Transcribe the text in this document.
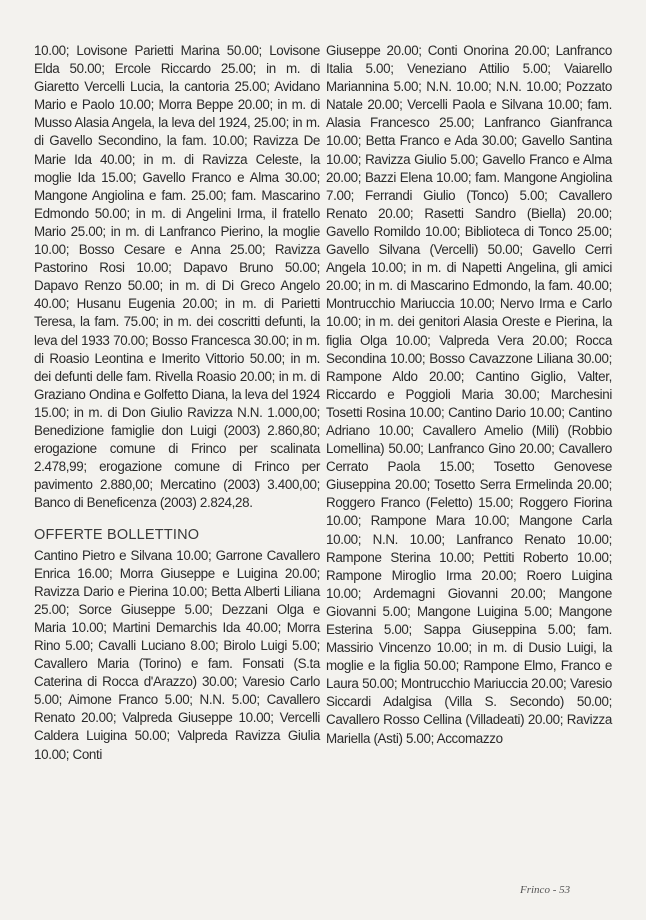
10.00; Lovisone Parietti Marina 50.00; Lovisone Elda 50.00; Ercole Riccardo 25.00; in m. di Giaretto Vercelli Lucia, la cantoria 25.00; Avidano Mario e Paolo 10.00; Morra Beppe 20.00; in m. di Musso Alasia Angela, la leva del 1924, 25.00; in m. di Gavello Secondino, la fam. 10.00; Ravizza De Marie Ida 40.00; in m. di Ravizza Celeste, la moglie Ida 15.00; Gavello Franco e Alma 30.00; Mangone Angiolina e fam. 25.00; fam. Mascarino Edmondo 50.00; in m. di Angelini Irma, il fratello Mario 25.00; in m. di Lanfranco Pierino, la moglie 10.00; Bosso Cesare e Anna 25.00; Ravizza Pastorino Rosi 10.00; Dapavo Bruno 50.00; Dapavo Renzo 50.00; in m. di Di Greco Angelo 40.00; Husanu Eugenia 20.00; in m. di Parietti Teresa, la fam. 75.00; in m. dei coscritti defunti, la leva del 1933 70.00; Bosso Francesca 30.00; in m. di Roasio Leontina e Imerito Vittorio 50.00; in m. dei defunti delle fam. Rivella Roasio 20.00; in m. di Graziano Ondina e Golfetto Diana, la leva del 1924 15.00; in m. di Don Giulio Ravizza N.N. 1.000,00; Benedizione famiglie don Luigi (2003) 2.860,80; erogazione comune di Frinco per scalinata 2.478,99; erogazione comune di Frinco per pavimento 2.880,00; Mercatino (2003) 3.400,00; Banco di Beneficenza (2003) 2.824,28.

OFFERTE BOLLETTINO

Cantino Pietro e Silvana 10.00; Garrone Cavallero Enrica 16.00; Morra Giuseppe e Luigina 20.00; Ravizza Dario e Pierina 10.00; Betta Alberti Liliana 25.00; Sorce Giuseppe 5.00; Dezzani Olga e Maria 10.00; Martini Demarchis Ida 40.00; Morra Rino 5.00; Cavalli Luciano 8.00; Birolo Luigi 5.00; Cavallero Maria (Torino) e fam. Fonsati (S.ta Caterina di Rocca d'Arazzo) 30.00; Varesio Carlo 5.00; Aimone Franco 5.00; N.N. 5.00; Cavallero Renato 20.00; Valpreda Giuseppe 10.00; Vercelli Caldera Luigina 50.00; Valpreda Ravizza Giulia 10.00; Conti

Giuseppe 20.00; Conti Onorina 20.00; Lanfranco Italia 5.00; Veneziano Attilio 5.00; Vaiarello Mariannina 5.00; N.N. 10.00; N.N. 10.00; Pozzato Natale 20.00; Vercelli Paola e Silvana 10.00; fam. Alasia Francesco 25.00; Lanfranco Gianfranca 10.00; Betta Franco e Ada 30.00; Gavello Santina 10.00; Ravizza Giulio 5.00; Gavello Franco e Alma 20.00; Bazzi Elena 10.00; fam. Mangone Angiolina 7.00; Ferrandi Giulio (Tonco) 5.00; Cavallero Renato 20.00; Rasetti Sandro (Biella) 20.00; Gavello Romildo 10.00; Biblioteca di Tonco 25.00; Gavello Silvana (Vercelli) 50.00; Gavello Cerri Angela 10.00; in m. di Napetti Angelina, gli amici 20.00; in m. di Mascarino Edmondo, la fam. 40.00; Montrucchio Mariuccia 10.00; Nervo Irma e Carlo 10.00; in m. dei genitori Alasia Oreste e Pierina, la figlia Olga 10.00; Valpreda Vera 20.00; Rocca Secondina 10.00; Bosso Cavazzone Liliana 30.00; Rampone Aldo 20.00; Cantino Giglio, Valter, Riccardo e Poggioli Maria 30.00; Marchesini Tosetti Rosina 10.00; Cantino Dario 10.00; Cantino Adriano 10.00; Cavallero Amelio (Mili) (Robbio Lomellina) 50.00; Lanfranco Gino 20.00; Cavallero Cerrato Paola 15.00; Tosetto Genovese Giuseppina 20.00; Tosetto Serra Ermelinda 20.00; Roggero Franco (Feletto) 15.00; Roggero Fiorina 10.00; Rampone Mara 10.00; Mangone Carla 10.00; N.N. 10.00; Lanfranco Renato 10.00; Rampone Sterina 10.00; Pettiti Roberto 10.00; Rampone Miroglio Irma 20.00; Roero Luigina 10.00; Ardemagni Giovanni 20.00; Mangone Giovanni 5.00; Mangone Luigina 5.00; Mangone Esterina 5.00; Sappa Giuseppina 5.00; fam. Massirio Vincenzo 10.00; in m. di Dusio Luigi, la moglie e la figlia 50.00; Rampone Elmo, Franco e Laura 50.00; Montrucchio Mariuccia 20.00; Varesio Siccardi Adalgisa (Villa S. Secondo) 50.00; Cavallero Rosso Cellina (Villadeati) 20.00; Ravizza Mariella (Asti) 5.00; Accomazzo

Frinco - 53
